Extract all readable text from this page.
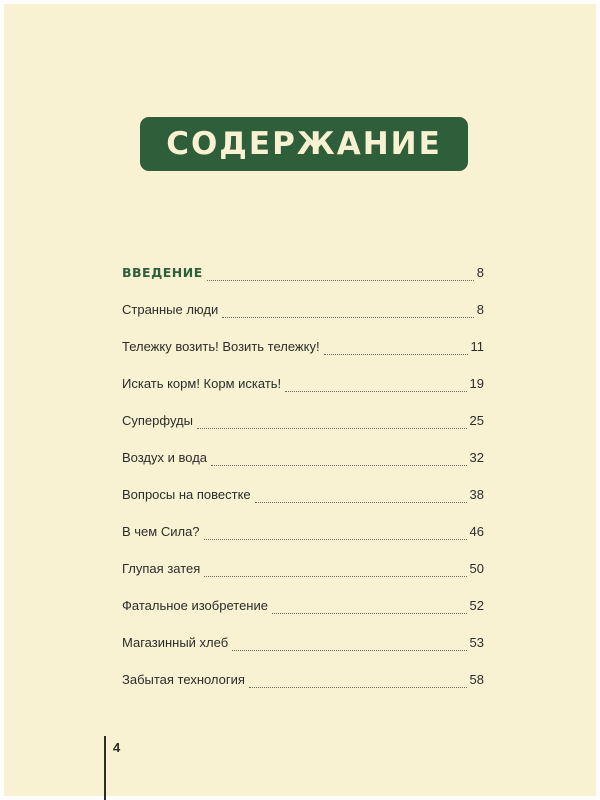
СОДЕРЖАНИЕ
ВВЕДЕНИЕ	8
Странные люди	8
Тележку возить! Возить тележку!	11
Искать корм! Корм искать!	19
Суперфуды	25
Воздух и вода	32
Вопросы на повестке	38
В чем Сила?	46
Глупая затея	50
Фатальное изобретение	52
Магазинный хлеб	53
Забытая технология	58
4
